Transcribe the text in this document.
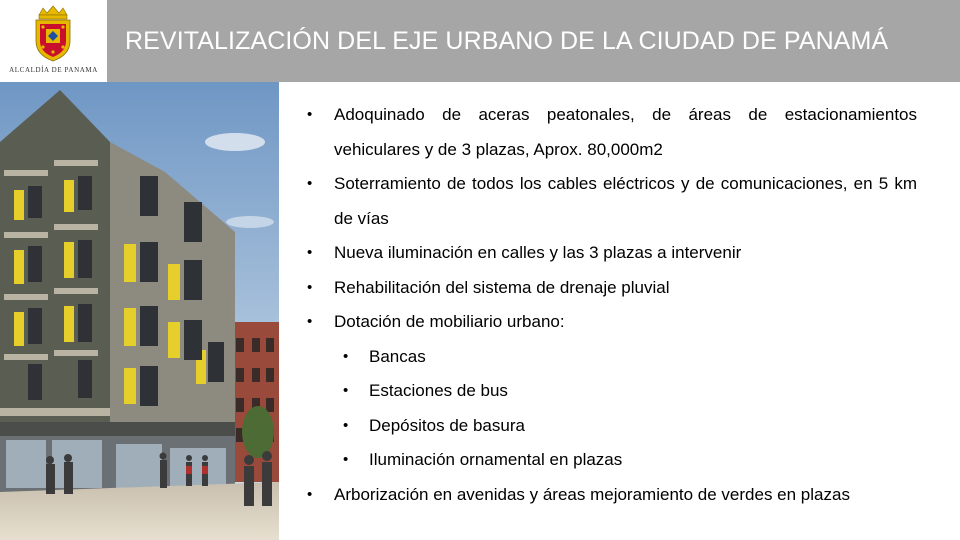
ALCALDÍA DE PANAMA
REVITALIZACIÓN DEL EJE URBANO DE LA CIUDAD DE PANAMÁ
• Adoquinado de aceras peatonales, de áreas de estacionamientos vehiculares y de 3 plazas, Aprox. 80,000m2
• Soterramiento de todos los cables eléctricos y de comunicaciones, en 5 km de vías
• Nueva iluminación en calles y las 3 plazas a intervenir
• Rehabilitación del sistema de drenaje pluvial
• Dotación de mobiliario urbano:
• Bancas
• Estaciones de bus
• Depósitos de basura
• Iluminación ornamental en plazas
• Arborización en avenidas y áreas mejoramiento de verdes en plazas
